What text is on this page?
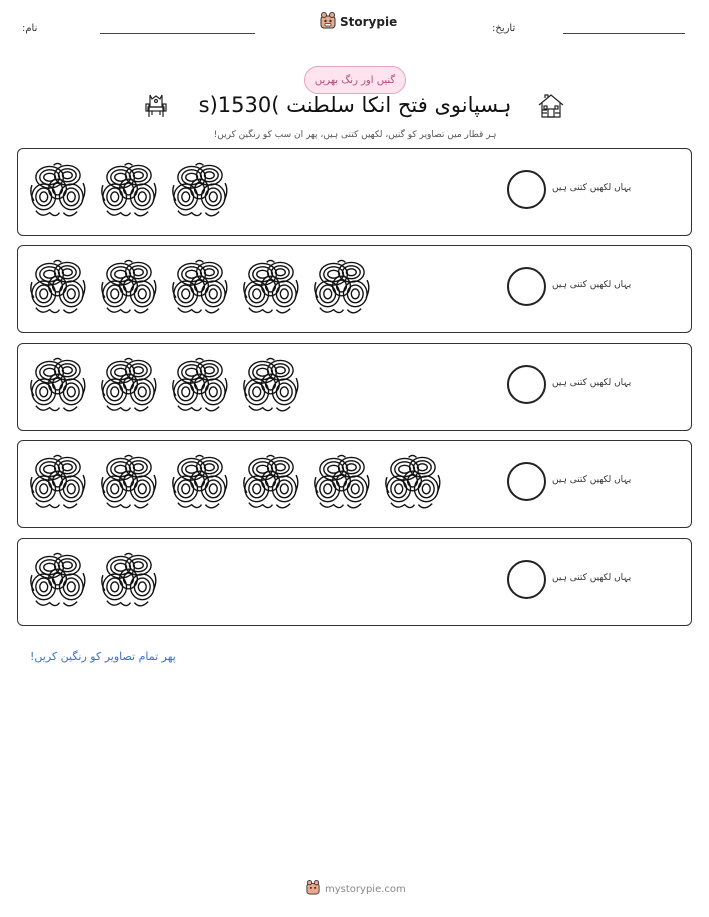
تاریخ:
Storypie
نام:
گنیں اور رنگ بھریں
ہسپانوی فتح انکا سلطنت )1530(s
ہر قطار میں تصاویر کو گنیں، لکھیں کتنی ہیں، پھر ان سب کو رنگین کریں!
یہاں لکھیں کتنی ہیں
یہاں لکھیں کتنی ہیں
یہاں لکھیں کتنی ہیں
یہاں لکھیں کتنی ہیں
یہاں لکھیں کتنی ہیں
پھر تمام تصاویر کو رنگین کریں!
mystorypie.com
